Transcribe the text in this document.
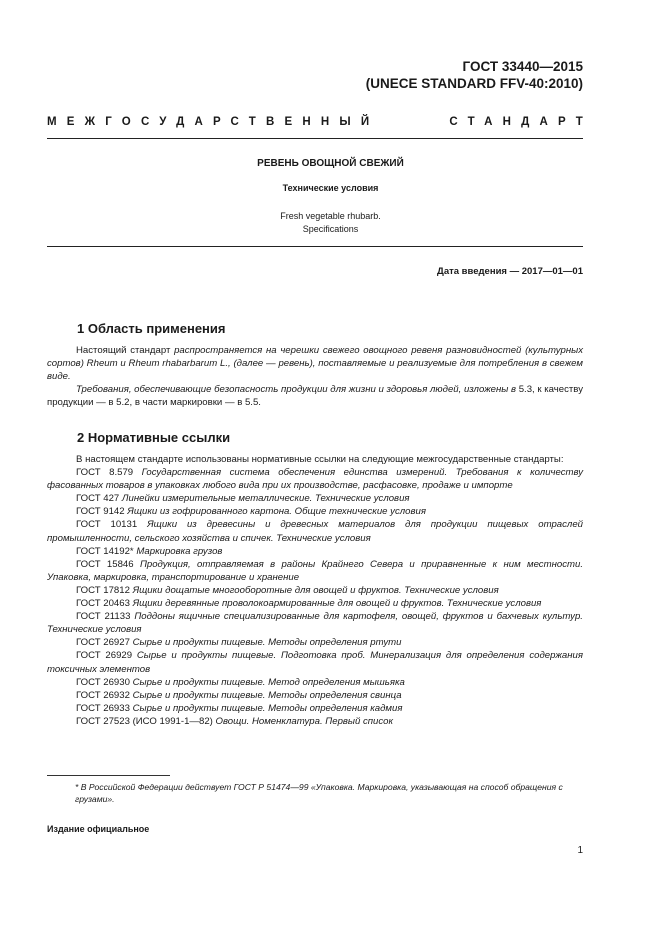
ГОСТ 33440—2015
(UNECE STANDARD FFV-40:2010)
МЕЖГОСУДАРСТВЕННЫЙ	СТАНДАРТ
РЕВЕНЬ ОВОЩНОЙ СВЕЖИЙ
Технические условия
Fresh vegetable rhubarb.
Specifications
Дата введения — 2017—01—01
1 Область применения

Настоящий стандарт распространяется на черешки свежего овощного ревеня разновидностей (культурных сортов) Rheum и Rheum rhabarbarum L., (далее — ревень), поставляемые и реализуемые для потребления в свежем виде.

Требования, обеспечивающие безопасность продукции для жизни и здоровья людей, изложены в 5.3, к качеству продукции — в 5.2, в части маркировки — в 5.5.

2 Нормативные ссылки

В настоящем стандарте использованы нормативные ссылки на следующие межгосударственные стандарты:

ГОСТ 8.579 Государственная система обеспечения единства измерений. Требования к количеству фасованных товаров в упаковках любого вида при их производстве, расфасовке, продаже и импорте

ГОСТ 427 Линейки измерительные металлические. Технические условия

ГОСТ 9142 Ящики из гофрированного картона. Общие технические условия

ГОСТ 10131 Ящики из древесины и древесных материалов для продукции пищевых отраслей промышленности, сельского хозяйства и спичек. Технические условия

ГОСТ 14192* Маркировка грузов

ГОСТ 15846 Продукция, отправляемая в районы Крайнего Севера и приравненные к ним местности. Упаковка, маркировка, транспортирование и хранение

ГОСТ 17812 Ящики дощатые многооборотные для овощей и фруктов. Технические условия

ГОСТ 20463 Ящики деревянные проволокоармированные для овощей и фруктов. Технические условия

ГОСТ 21133 Поддоны ящичные специализированные для картофеля, овощей, фруктов и бахчевых культур. Технические условия

ГОСТ 26927 Сырье и продукты пищевые. Методы определения ртути

ГОСТ 26929 Сырье и продукты пищевые. Подготовка проб. Минерализация для определения содержания токсичных элементов

ГОСТ 26930 Сырье и продукты пищевые. Метод определения мышьяка

ГОСТ 26932 Сырье и продукты пищевые. Методы определения свинца

ГОСТ 26933 Сырье и продукты пищевые. Методы определения кадмия

ГОСТ 27523 (ИСО 1991-1—82) Овощи. Номенклатура. Первый список

* В Российской Федерации действует ГОСТ Р 51474—99 «Упаковка. Маркировка, указывающая на способ обращения с грузами».
Издание официальное
1
